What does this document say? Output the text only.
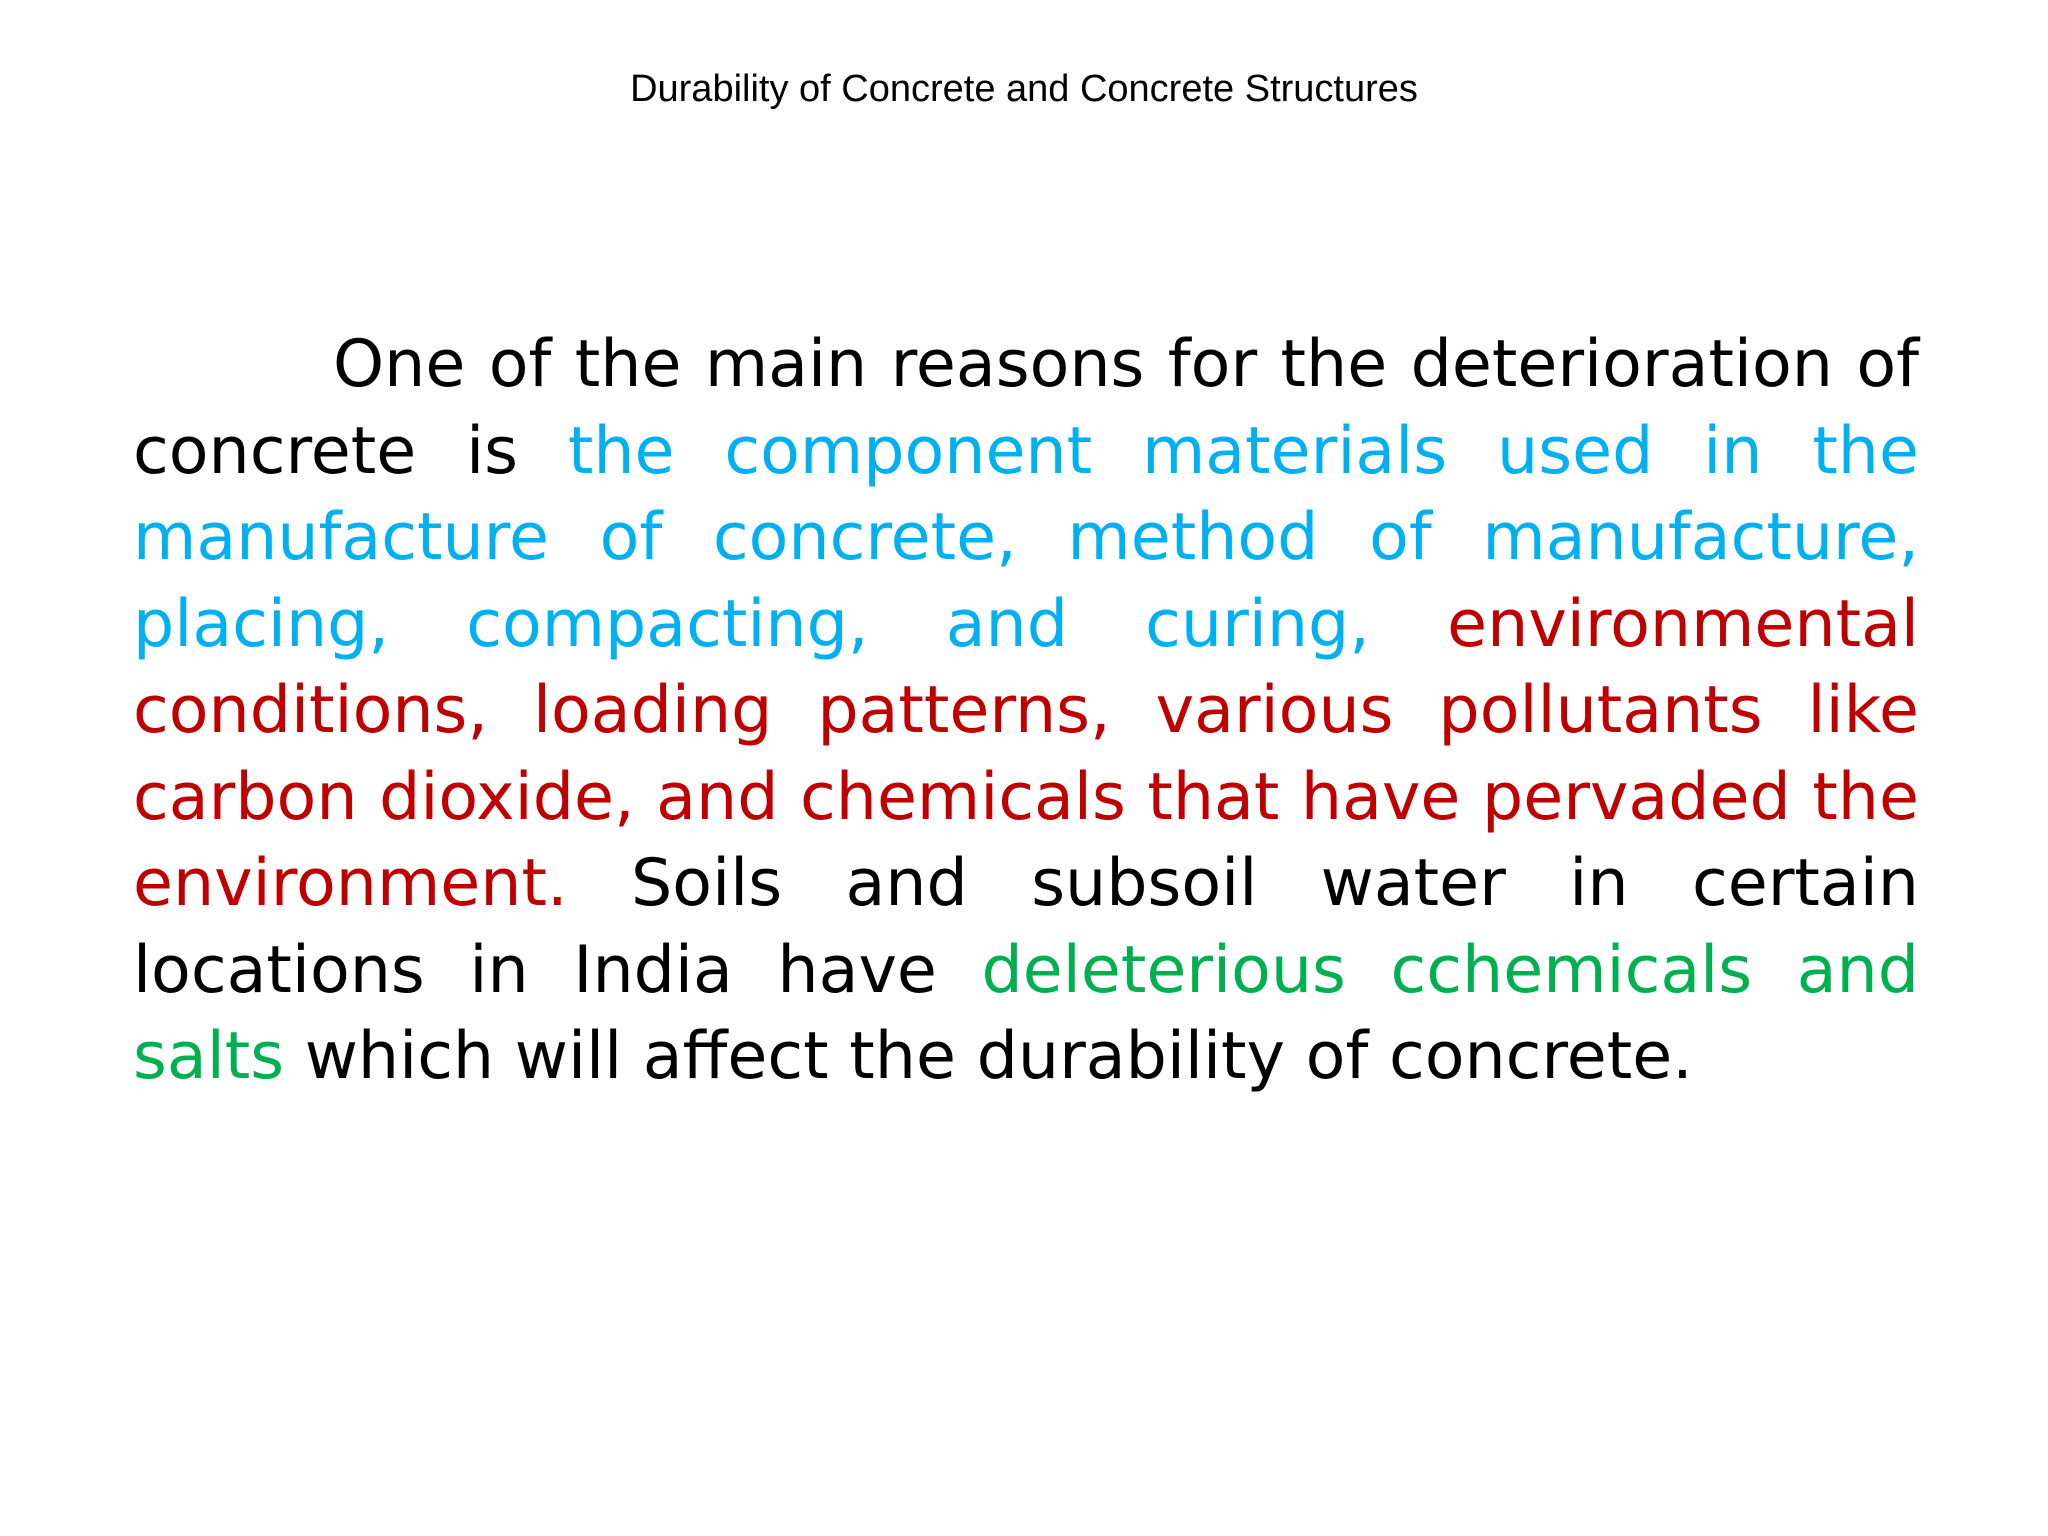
Durability of Concrete and Concrete Structures
One of the main reasons for the deterioration of concrete is the component materials used in the manufacture of concrete, method of manufacture, placing, compacting, and curing, environmental conditions, loading patterns, various pollutants like carbon dioxide, and chemicals that have pervaded the environment. Soils and subsoil water in certain locations in India have deleterious cchemicals and salts which will affect the durability of concrete.
